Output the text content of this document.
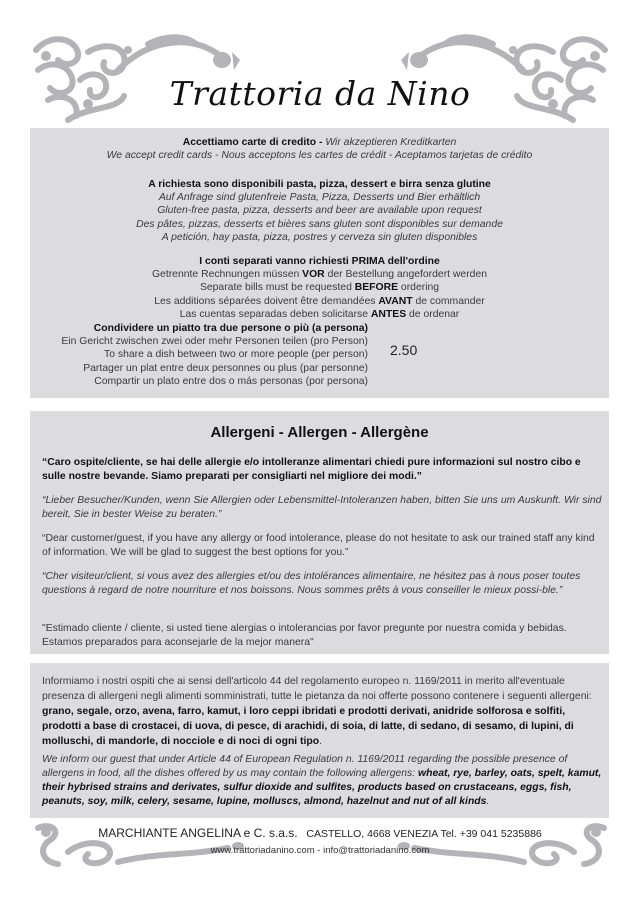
Trattoria da Nino
Accettiamo carte di credito - Wir akzeptieren Kreditkarten
We accept credit cards - Nous acceptons les cartes de crédit - Aceptamos tarjetas de crédito
A richiesta sono disponibili pasta, pizza, dessert e birra senza glutine
Auf Anfrage sind glutenfreie Pasta, Pizza, Desserts und Bier erhältlich
Gluten-free pasta, pizza, desserts and beer are available upon request
Des pâtes, pizzas, desserts et bières sans gluten sont disponibles sur demande
A petición, hay pasta, pizza, postres y cerveza sin gluten disponibles
I conti separati vanno richiesti PRIMA dell'ordine
Getrennte Rechnungen müssen VOR der Bestellung angefordert werden
Separate bills must be requested BEFORE ordering
Les additions séparées doivent être demandées AVANT de commander
Las cuentas separadas deben solicitarse ANTES de ordenar
Condividere un piatto tra due persone o più (a persona)
Ein Gericht zwischen zwei oder mehr Personen teilen (pro Person)
To share a dish between two or more people (per person)
Partager un plat entre deux personnes ou plus (par personne)
Compartir un plato entre dos o más personas (por persona)
2.50
Allergeni - Allergen - Allergène
“Caro ospite/cliente, se hai delle allergie e/o intolleranze alimentari chiedi pure informazioni sul nostro cibo e sulle nostre bevande. Siamo preparati per consigliarti nel migliore dei modi.”
“Lieber Besucher/Kunden, wenn Sie Allergien oder Lebensmittel-Intoleranzen haben, bitten Sie uns um Auskunft. Wir sind bereit, Sie in bester Weise zu beraten.”
“Dear customer/guest, if you have any allergy or food intolerance, please do not hesitate to ask our trained staff any kind of information. We will be glad to suggest the best options for you.”
“Cher visiteur/client, si vous avez des allergies et/ou des intolérances alimentaire, ne hésitez pas à nous poser toutes questions à regard de notre nourriture et nos boissons. Nous sommes prêts à vous conseiller le mieux possi-ble.”
"Estimado cliente / cliente, si usted tiene alergias o intolerancias por favor pregunte por nuestra comida y bebidas. Estamos preparados para aconsejarle de la mejor manera"
Informiamo i nostri ospiti che ai sensi dell'articolo 44 del regolamento europeo n. 1169/2011 in merito all'eventuale presenza di allergeni negli alimenti somministrati, tutte le pietanza da noi offerte possono contenere i seguenti allergeni: grano, segale, orzo, avena, farro, kamut, i loro ceppi ibridati e prodotti derivati, anidride solforosa e solfiti, prodotti a base di crostacei, di uova, di pesce, di arachidi, di soia, di latte, di sedano, di sesamo, di lupini, di molluschi, di mandorle, di nocciole e di noci di ogni tipo.
We inform our guest that under Article 44 of European Regulation n. 1169/2011 regarding the possible presence of allergens in food, all the dishes offered by us may contain the following allergens: wheat, rye, barley, oats, spelt, kamut, their hybrised strains and derivates, sulfur dioxide and sulfites, products based on crustaceans, eggs, fish, peanuts, soy, milk, celery, sesame, lupine, molluscs, almond, hazelnut and nut of all kinds.
MARCHIANTE ANGELINA e C. s.a.s. CASTELLO, 4668 VENEZIA Tel. +39 041 5235886
www.trattoriadanino.com - info@trattoriadanino.com
